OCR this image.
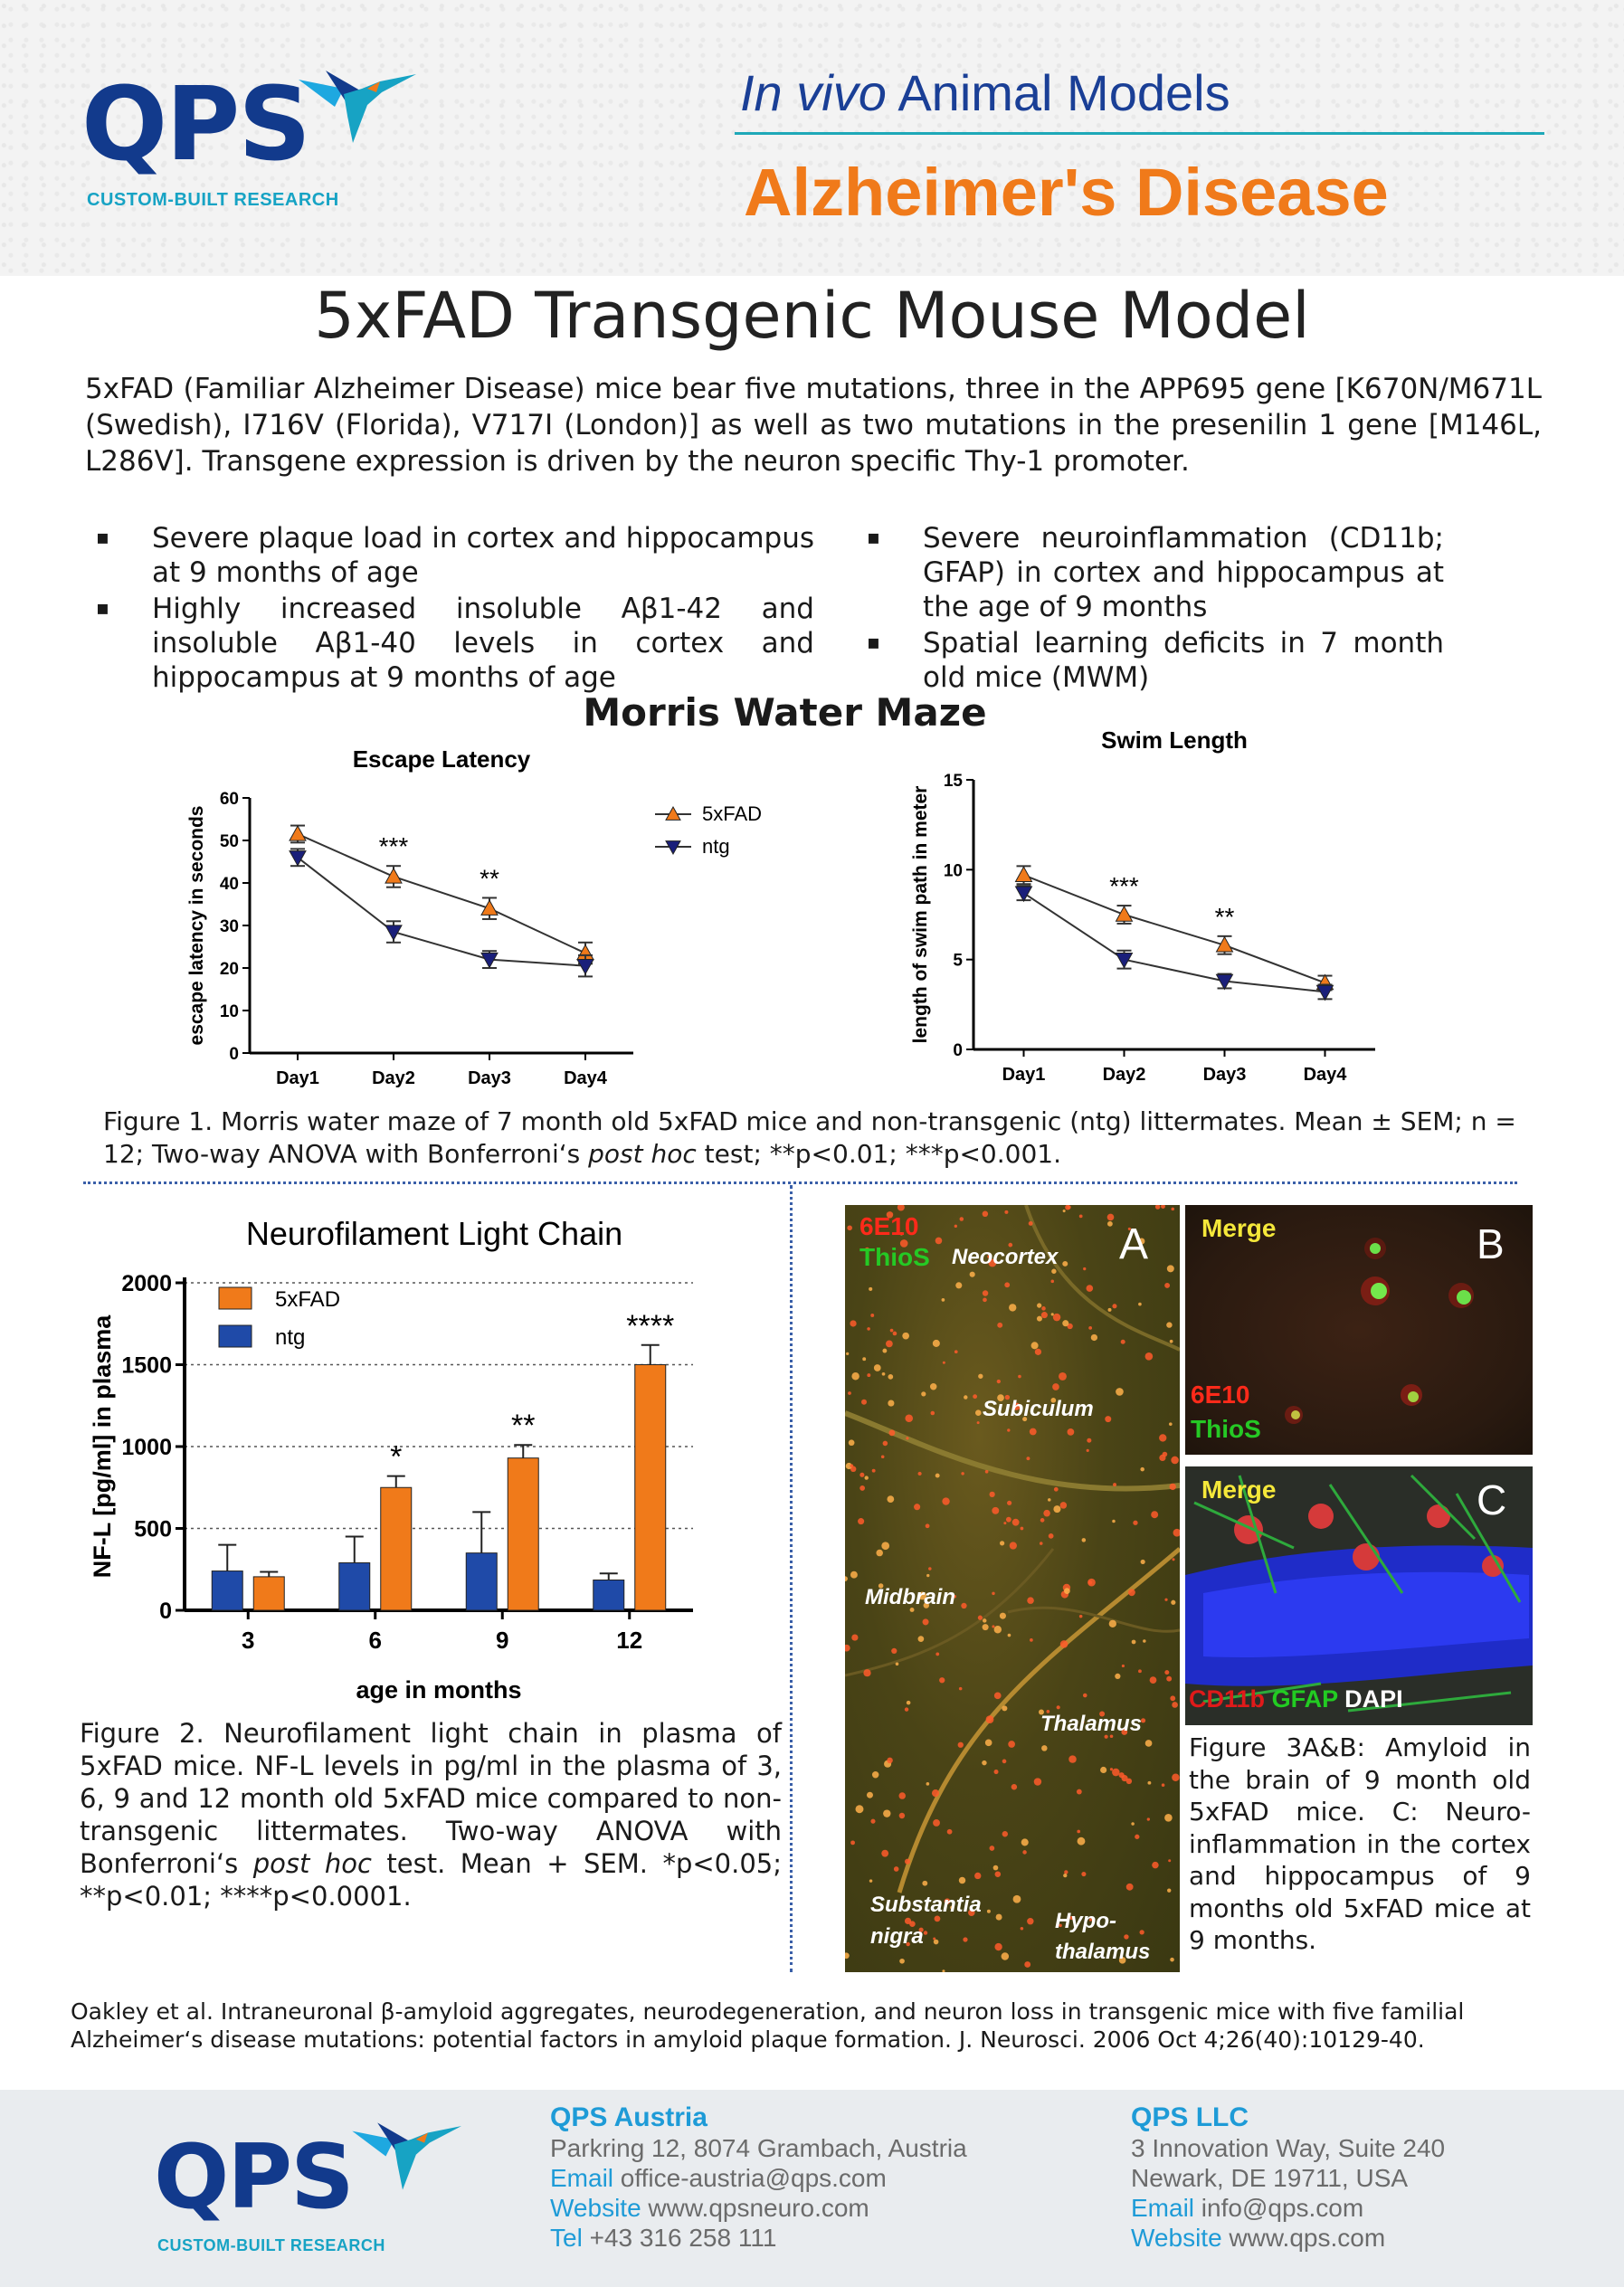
QPS
CUSTOM-BUILT RESEARCH
In vivo Animal Models
Alzheimer's Disease
5xFAD Transgenic Mouse Model

5xFAD (Familiar Alzheimer Disease) mice bear five mutations, three in the APP695 gene [K670N/M671L (Swedish), I716V (Florida), V717I (London)] as well as two mutations in the presenilin 1 gene [M146L, L286V]. Transgene expression is driven by the neuron specific Thy-1 promoter.

▪ Severe plaque load in cortex and hippocampus at 9 months of age
▪ Highly increased insoluble Aβ1-42 and insoluble Aβ1-40 levels in cortex and hippocampus at 9 months of age
▪ Severe neuroinflammation (CD11b; GFAP) in cortex and hippocampus at the age of 9 months
▪ Spatial learning deficits in 7 month old mice (MWM)
Morris Water Maze
Escape Latency
escape latency in seconds
0
10
20
30
40
50
60
Day1	Day2	Day3	Day4
***
**
5xFAD
ntg
Swim Length
length of swim path in meter
0
5
10
15
Day1	Day2	Day3	Day4
***
**

Figure 1. Morris water maze of 7 month old 5xFAD mice and non-transgenic (ntg) littermates. Mean ± SEM; n = 12; Two-way ANOVA with Bonferroni‘s post hoc test; **p<0.01; ***p<0.001.

Neurofilament Light Chain
NF-L [pg/ml] in plasma
age in months
0
500
1000
1500
2000
3	6	9	12
*
**
****
5xFAD
ntg

Figure 2. Neurofilament light chain in plasma of 5xFAD mice. NF-L levels in pg/ml in the plasma of 3, 6, 9 and 12 month old 5xFAD mice compared to non-transgenic littermates. Two-way ANOVA with Bonferroni‘s post hoc test. Mean + SEM. *p<0.05; **p<0.01; ****p<0.0001.

6E10
ThioS	A
Neocortex
Subiculum
Midbrain
Thalamus
Substantia
nigra
Hypo-
thalamus
Merge	B
6E10
ThioS
Merge	C
CD11b GFAP DAPI

Figure 3A&B: Amyloid in the brain of 9 month old 5xFAD mice. C: Neuro-inflammation in the cortex and hippocampus of 9 months old 5xFAD mice at 9 months.

Oakley et al. Intraneuronal β-amyloid aggregates, neurodegeneration, and neuron loss in transgenic mice with five familial Alzheimer‘s disease mutations: potential factors in amyloid plaque formation. J. Neurosci. 2006 Oct 4;26(40):10129-40.

QPS
CUSTOM-BUILT RESEARCH
QPS Austria
Parkring 12, 8074 Grambach, Austria
Email office-austria@qps.com
Website www.qpsneuro.com
Tel +43 316 258 111
QPS LLC
3 Innovation Way, Suite 240
Newark, DE 19711, USA
Email info@qps.com
Website www.qps.com
